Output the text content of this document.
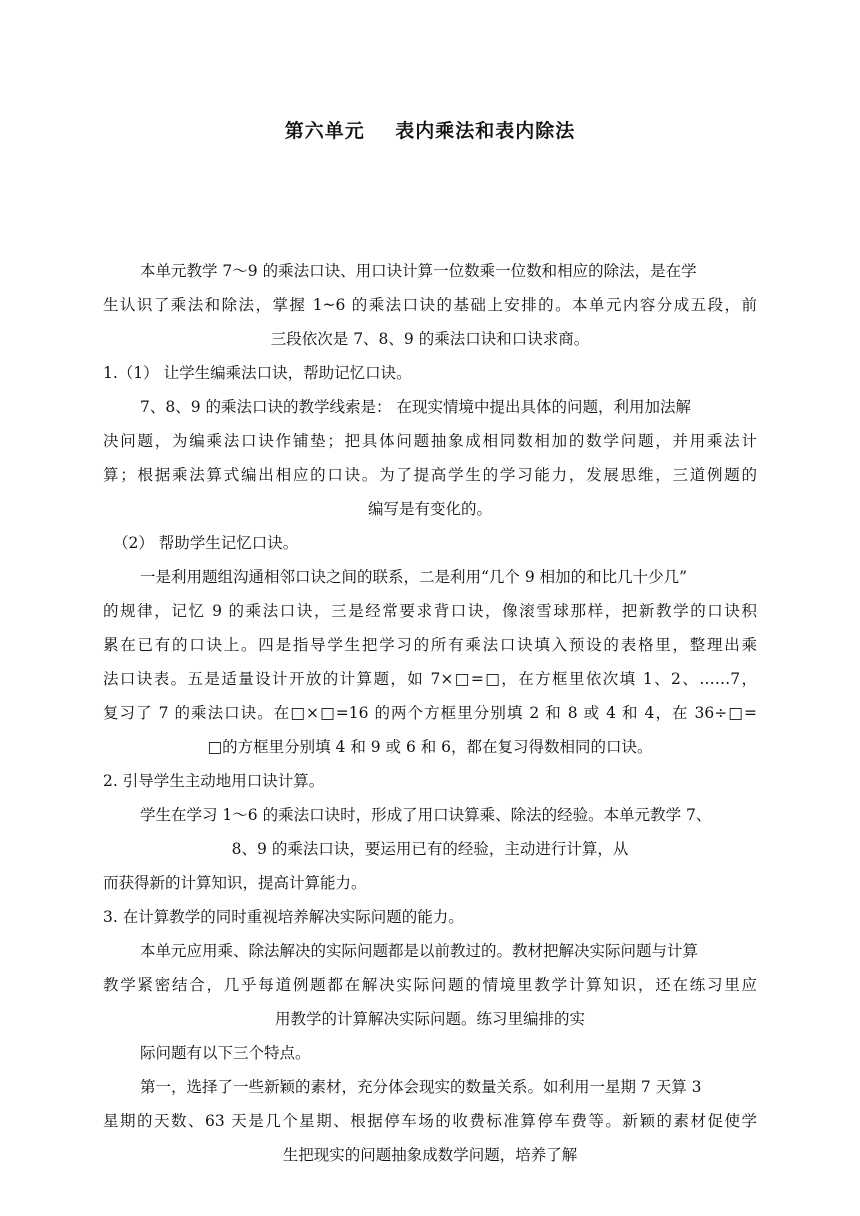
第六单元    表内乘法和表内除法
本单元教学 7～9 的乘法口诀、用口诀计算一位数乘一位数和相应的除法，是在学
生认识了乘法和除法，掌握 1~6 的乘法口诀的基础上安排的。本单元内容分成五段，前
三段依次是 7、8、9 的乘法口诀和口诀求商。
1.（1） 让学生编乘法口诀，帮助记忆口诀。
7、8、9 的乘法口诀的教学线索是： 在现实情境中提出具体的问题，利用加法解
决问题，为编乘法口诀作铺垫；把具体问题抽象成相同数相加的数学问题，并用乘法计
算；根据乘法算式编出相应的口诀。为了提高学生的学习能力，发展思维，三道例题的
编写是有变化的。
（2） 帮助学生记忆口诀。
一是利用题组沟通相邻口诀之间的联系，二是利用“几个 9 相加的和比几十少几”
的规律，记忆 9 的乘法口诀，三是经常要求背口诀，像滚雪球那样，把新教学的口诀积
累在已有的口诀上。四是指导学生把学习的所有乘法口诀填入预设的表格里，整理出乘
法口诀表。五是适量设计开放的计算题，如 7×□=□，在方框里依次填 1、2、……7，
复习了 7 的乘法口诀。在□×□=16 的两个方框里分别填 2 和 8 或 4 和 4，在 36÷□=
□的方框里分别填 4 和 9 或 6 和 6，都在复习得数相同的口诀。
2. 引导学生主动地用口诀计算。
学生在学习 1～6 的乘法口诀时，形成了用口诀算乘、除法的经验。本单元教学 7、
8、9 的乘法口诀，要运用已有的经验，主动进行计算，从
而获得新的计算知识，提高计算能力。
3. 在计算教学的同时重视培养解决实际问题的能力。
本单元应用乘、除法解决的实际问题都是以前教过的。教材把解决实际问题与计算
教学紧密结合，几乎每道例题都在解决实际问题的情境里教学计算知识，还在练习里应
用教学的计算解决实际问题。练习里编排的实
际问题有以下三个特点。
第一，选择了一些新颖的素材，充分体会现实的数量关系。如利用一星期 7 天算 3
星期的天数、63 天是几个星期、根据停车场的收费标准算停车费等。新颖的素材促使学
生把现实的问题抽象成数学问题，培养了解
